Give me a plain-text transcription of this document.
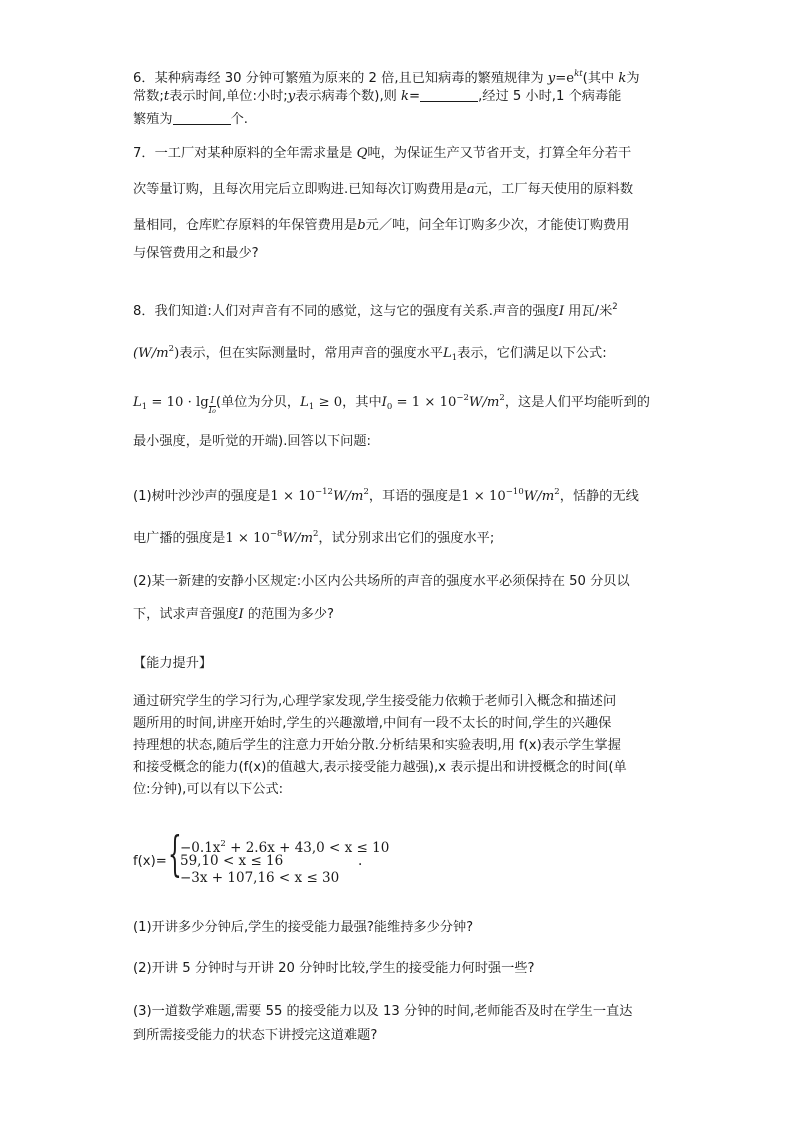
6．某种病毒经 30 分钟可繁殖为原来的 2 倍,且已知病毒的繁殖规律为 $y=e^{kt}$(其中 k为
常数;t表示时间,单位:小时;y表示病毒个数),则 k=	,经过 5 小时,1 个病毒能
繁殖为	个.
7．一工厂对某种原料的全年需求量是 Q吨，为保证生产又节省开支，打算全年分若干
次等量订购，且每次用完后立即购进.已知每次订购费用是a元，工厂每天使用的原料数
量相同，仓库贮存原料的年保管费用是b元／吨，问全年订购多少次，才能使订购费用
与保管费用之和最少?
8．我们知道:人们对声音有不同的感觉，这与它的强度有关系.声音的强度I 用瓦/米$^2$
$(W/m^2)$表示，但在实际测量时，常用声音的强度水平$L_1$表示，它们满足以下公式:
$L_1 = 10 \cdot \lg \frac{I}{\text{I₀}}$ (单位为分贝，$L_1 \ge 0$，其中$I_0 = 1 \times 10^{-2}W/m^2$，这是人们平均能听到的
最小强度，是听觉的开端).回答以下问题:
(1)树叶沙沙声的强度是$1 \times 10^{-12}W/m^2$，耳语的强度是$1 \times 10^{-10}W/m^2$，恬静的无线
电广播的强度是$1 \times 10^{-8}W/m^2$，试分别求出它们的强度水平;
(2)某一新建的安静小区规定:小区内公共场所的声音的强度水平必须保持在 50 分贝以
下，试求声音强度I 的范围为多少?
【能力提升】
通过研究学生的学习行为,心理学家发现,学生接受能力依赖于老师引入概念和描述问
题所用的时间,讲座开始时,学生的兴趣激增,中间有一段不太长的时间,学生的兴趣保
持理想的状态,随后学生的注意力开始分散.分析结果和实验表明,用 f(x)表示学生掌握
和接受概念的能力(f(x)的值越大,表示接受能力越强),x 表示提出和讲授概念的时间(单
位:分钟),可以有以下公式:
f(x)= {
$-0.1x^2 + 2.6x + 43,0 < x \le 10$
59,10 < x ≤ 16
−3x + 107,16 < x ≤ 30
.
(1)开讲多少分钟后,学生的接受能力最强?能维持多少分钟?
(2)开讲 5 分钟时与开讲 20 分钟时比较,学生的接受能力何时强一些?
(3)一道数学难题,需要 55 的接受能力以及 13 分钟的时间,老师能否及时在学生一直达
到所需接受能力的状态下讲授完这道难题?
